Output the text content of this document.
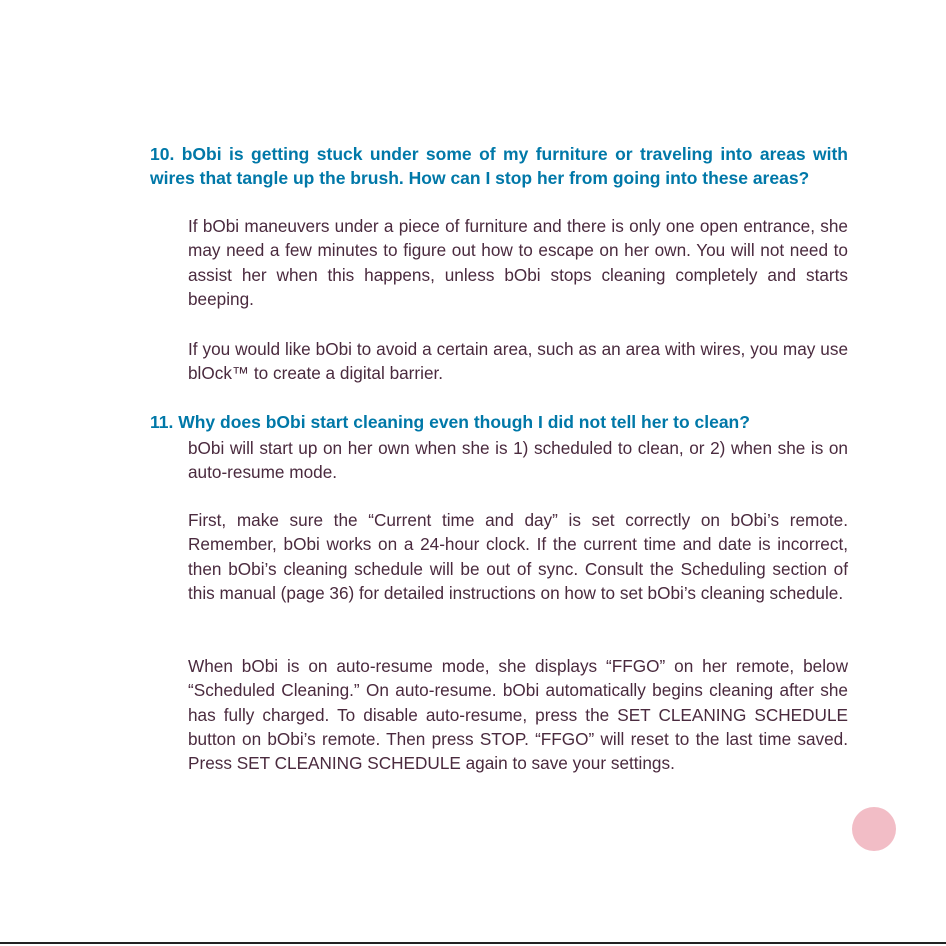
10. bObi is getting stuck under some of my furniture or traveling into areas with wires that tangle up the brush. How can I stop her from going into these areas?

If bObi maneuvers under a piece of furniture and there is only one open entrance, she may need a few minutes to figure out how to escape on her own. You will not need to assist her when this happens, unless bObi stops cleaning completely and starts beeping.

If you would like bObi to avoid a certain area, such as an area with wires, you may use blOck™ to create a digital barrier.

11. Why does bObi start cleaning even though I did not tell her to clean?

bObi will start up on her own when she is 1) scheduled to clean, or 2) when she is on auto-resume mode.

First, make sure the “Current time and day” is set correctly on bObi’s remote. Remember, bObi works on a 24-hour clock. If the current time and date is incorrect, then bObi’s cleaning schedule will be out of sync. Consult the Scheduling section of this manual (page 36) for detailed instructions on how to set bObi’s cleaning schedule.

When bObi is on auto-resume mode, she displays “FFGO” on her remote, below “Scheduled Cleaning.” On auto-resume. bObi automatically begins cleaning after she has fully charged. To disable auto-resume, press the SET CLEANING SCHEDULE button on bObi’s remote. Then press STOP. “FFGO” will reset to the last time saved. Press SET CLEANING SCHEDULE again to save your settings.
